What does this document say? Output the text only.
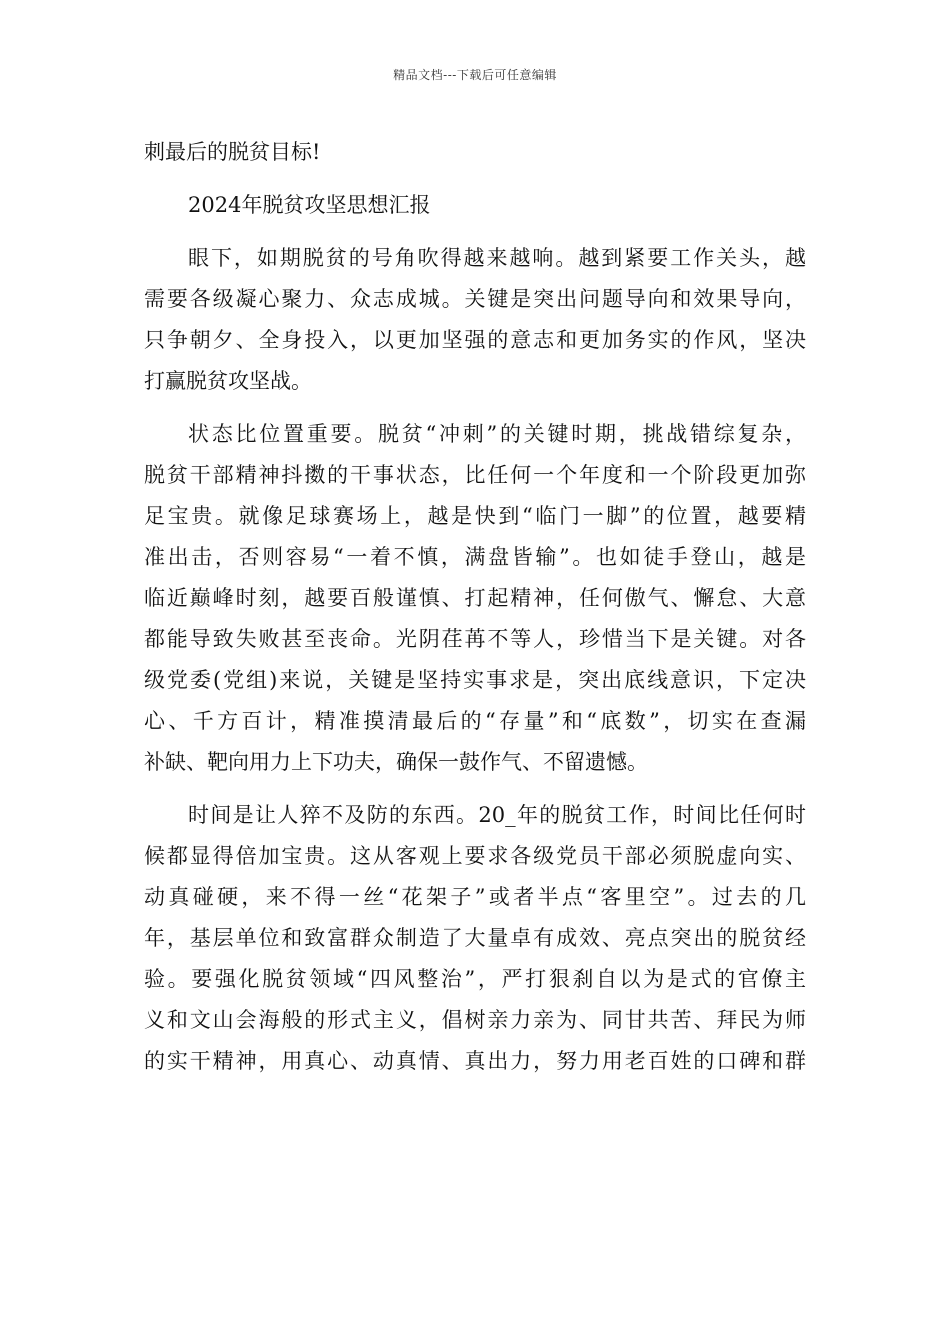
精品文档---下载后可任意编辑

刺最后的脱贫目标!

2024年脱贫攻坚思想汇报

眼下，如期脱贫的号角吹得越来越响。越到紧要工作关头，越
需要各级凝心聚力、众志成城。关键是突出问题导向和效果导向，
只争朝夕、全身投入，以更加坚强的意志和更加务实的作风，坚决
打赢脱贫攻坚战。

状态比位置重要。脱贫“冲刺”的关键时期，挑战错综复杂，
脱贫干部精神抖擞的干事状态，比任何一个年度和一个阶段更加弥
足宝贵。就像足球赛场上，越是快到“临门一脚”的位置，越要精
准出击，否则容易“一着不慎，满盘皆输”。也如徒手登山，越是
临近巅峰时刻，越要百般谨慎、打起精神，任何傲气、懈怠、大意
都能导致失败甚至丧命。光阴荏苒不等人，珍惜当下是关键。对各
级党委(党组)来说，关键是坚持实事求是，突出底线意识，下定决
心、千方百计，精准摸清最后的“存量”和“底数”，切实在查漏
补缺、靶向用力上下功夫，确保一鼓作气、不留遗憾。

时间是让人猝不及防的东西。20_年的脱贫工作，时间比任何时
候都显得倍加宝贵。这从客观上要求各级党员干部必须脱虚向实、
动真碰硬，来不得一丝“花架子”或者半点“客里空”。过去的几
年，基层单位和致富群众制造了大量卓有成效、亮点突出的脱贫经
验。要强化脱贫领域“四风整治”，严打狠刹自以为是式的官僚主
义和文山会海般的形式主义，倡树亲力亲为、同甘共苦、拜民为师
的实干精神，用真心、动真情、真出力，努力用老百姓的口碑和群
